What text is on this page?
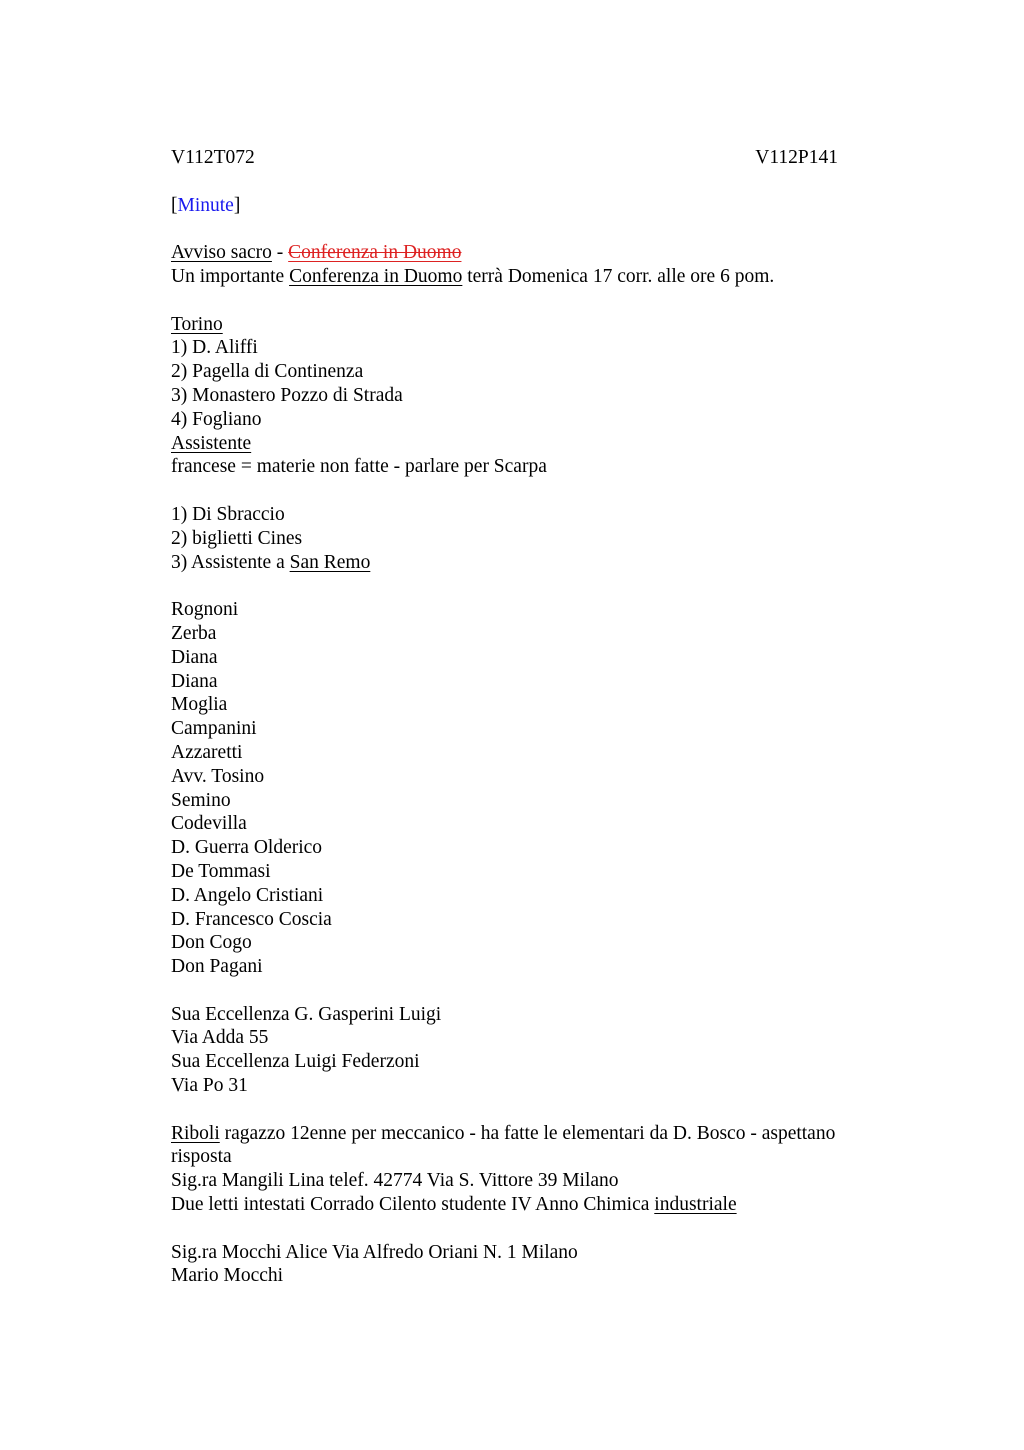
V112T072	V112P141
[Minute]
Avviso sacro - Conferenza in Duomo
Un importante Conferenza in Duomo terrà Domenica 17 corr. alle ore 6 pom.
Torino
1) D. Aliffi
2) Pagella di Continenza
3) Monastero Pozzo di Strada
4) Fogliano
Assistente
francese = materie non fatte - parlare per Scarpa
1) Di Sbraccio
2) biglietti Cines
3) Assistente a San Remo
Rognoni
Zerba
Diana
Diana
Moglia
Campanini
Azzaretti
Avv. Tosino
Semino
Codevilla
D. Guerra Olderico
De Tommasi
D. Angelo Cristiani
D. Francesco Coscia
Don Cogo
Don Pagani
Sua Eccellenza G. Gasperini Luigi
Via Adda 55
Sua Eccellenza Luigi Federzoni
Via Po 31
Riboli ragazzo 12enne per meccanico - ha fatte le elementari da D. Bosco - aspettano risposta
Sig.ra Mangili Lina telef. 42774 Via S. Vittore 39 Milano
Due letti intestati Corrado Cilento studente IV Anno Chimica industriale
Sig.ra Mocchi Alice Via Alfredo Oriani N. 1 Milano
Mario Mocchi
